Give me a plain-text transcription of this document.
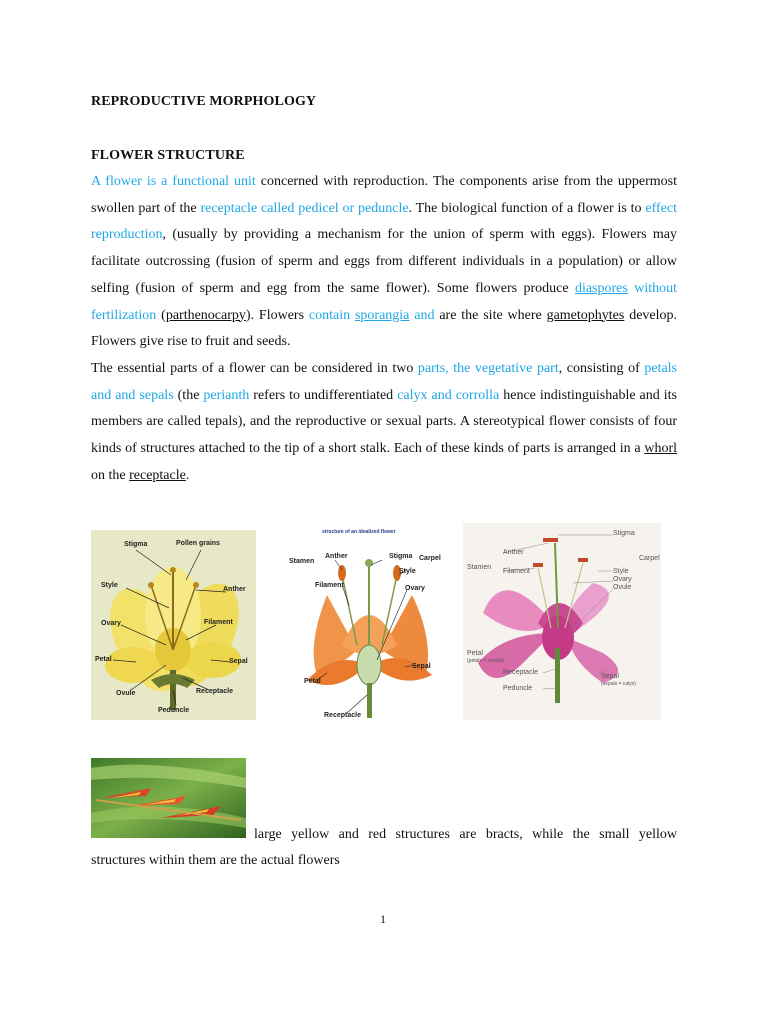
REPRODUCTIVE MORPHOLOGY
FLOWER STRUCTURE
A flower is a functional unit concerned with reproduction. The components arise from the uppermost swollen part of the receptacle called pedicel or peduncle. The biological function of a flower is to effect reproduction, (usually by providing a mechanism for the union of sperm with eggs). Flowers may facilitate outcrossing (fusion of sperm and eggs from different individuals in a population) or allow selfing (fusion of sperm and egg from the same flower). Some flowers produce diaspores without fertilization (parthenocarpy). Flowers contain sporangia and are the site where gametophytes develop. Flowers give rise to fruit and seeds.
The essential parts of a flower can be considered in two parts, the vegetative part, consisting of petals and and sepals (the perianth refers to undifferentiated calyx and corrolla hence indistinguishable and its members are called tepals), and the reproductive or sexual parts. A stereotypical flower consists of four kinds of structures attached to the tip of a short stalk. Each of these kinds of parts is arranged in a whorl on the receptacle.
Stigma	Pollen grains
Style
Anther
Ovary	Filament
Petal	Sepal
Ovule	Receptacle
Peduncle
structure of an idealized flower
Stamen
Anther	Stigma Carpel
Style
Filament	Ovary
Petal
Sepal
Receptacle
Stigma
Anther
Stamen
Filament
Carpel
Style
Ovary
Ovule
Petal
(petals = corolla)
Receptacle
Sepal
(sepals = calyx)
Peduncle
large yellow and red structures are bracts, while the small yellow
structures within them are the actual flowers
1
